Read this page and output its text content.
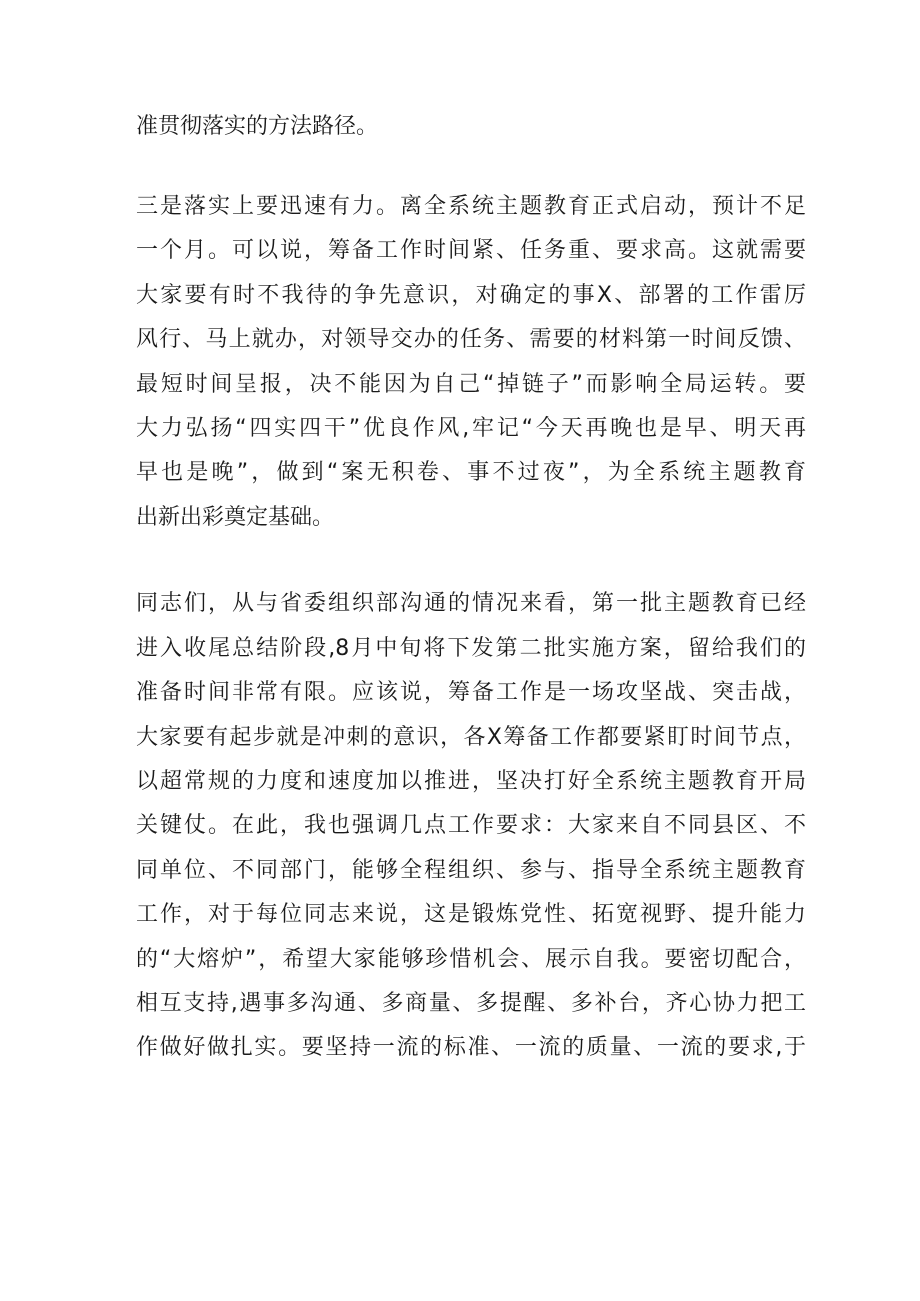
准贯彻落实的方法路径。
三是落实上要迅速有力。离全系统主题教育正式启动，预计不足
一个月。可以说，筹备工作时间紧、任务重、要求高。这就需要
大家要有时不我待的争先意识，对确定的事X、部署的工作雷厉
风行、马上就办，对领导交办的任务、需要的材料第一时间反馈、
最短时间呈报，决不能因为自己“掉链子”而影响全局运转。要
大力弘扬“四实四干”优良作风,牢记“今天再晚也是早、明天再
早也是晚”，做到“案无积卷、事不过夜”，为全系统主题教育
出新出彩奠定基础。
同志们，从与省委组织部沟通的情况来看，第一批主题教育已经
进入收尾总结阶段,8月中旬将下发第二批实施方案，留给我们的
准备时间非常有限。应该说，筹备工作是一场攻坚战、突击战，
大家要有起步就是冲刺的意识，各X筹备工作都要紧盯时间节点，
以超常规的力度和速度加以推进，坚决打好全系统主题教育开局
关键仗。在此，我也强调几点工作要求：大家来自不同县区、不
同单位、不同部门，能够全程组织、参与、指导全系统主题教育
工作，对于每位同志来说，这是锻炼党性、拓宽视野、提升能力
的“大熔炉”，希望大家能够珍惜机会、展示自我。要密切配合，
相互支持,遇事多沟通、多商量、多提醒、多补台，齐心协力把工
作做好做扎实。要坚持一流的标准、一流的质量、一流的要求,于
